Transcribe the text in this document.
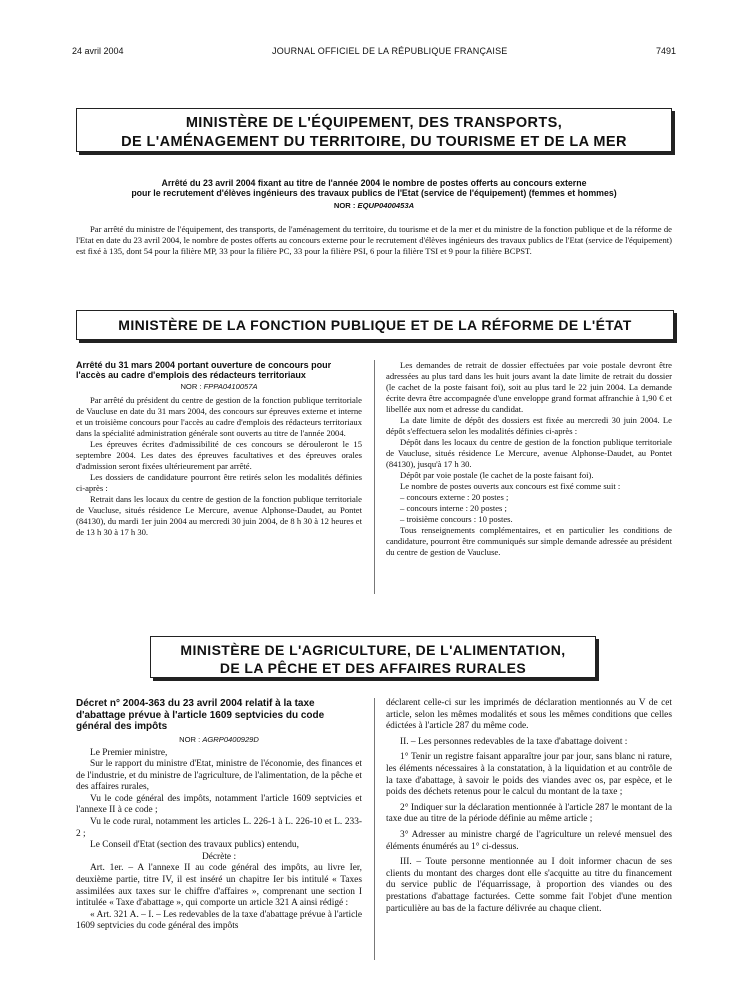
24 avril 2004	JOURNAL OFFICIEL DE LA RÉPUBLIQUE FRANÇAISE	7491
MINISTÈRE DE L'ÉQUIPEMENT, DES TRANSPORTS,
DE L'AMÉNAGEMENT DU TERRITOIRE, DU TOURISME ET DE LA MER
Arrêté du 23 avril 2004 fixant au titre de l'année 2004 le nombre de postes offerts au concours externe
pour le recrutement d'élèves ingénieurs des travaux publics de l'Etat (service de l'équipement) (femmes et hommes)
NOR : EQUP0400453A

Par arrêté du ministre de l'équipement, des transports, de l'aménagement du territoire, du tourisme et de la mer et du ministre de la fonction publique et de la réforme de l'Etat en date du 23 avril 2004, le nombre de postes offerts au concours externe pour le recrutement d'élèves ingénieurs des travaux publics de l'Etat (service de l'équipement) est fixé à 135, dont 54 pour la filière MP, 33 pour la filière PC, 33 pour la filière PSI, 6 pour la filière TSI et 9 pour la filière BCPST.

MINISTÈRE DE LA FONCTION PUBLIQUE ET DE LA RÉFORME DE L'ÉTAT

Arrêté du 31 mars 2004 portant ouverture de concours pour l'accès au cadre d'emplois des rédacteurs territoriaux

NOR : FPPA0410057A

Par arrêté du président du centre de gestion de la fonction publique territoriale de Vaucluse en date du 31 mars 2004, des concours sur épreuves externe et interne et un troisième concours pour l'accès au cadre d'emplois des rédacteurs territoriaux dans la spécialité administration générale sont ouverts au titre de l'année 2004.

Les épreuves écrites d'admissibilité de ces concours se dérouleront le 15 septembre 2004. Les dates des épreuves facultatives et des épreuves orales d'admission seront fixées ultérieurement par arrêté.

Les dossiers de candidature pourront être retirés selon les modalités définies ci-après :

Retrait dans les locaux du centre de gestion de la fonction publique territoriale de Vaucluse, situés résidence Le Mercure, avenue Alphonse-Daudet, au Pontet (84130), du mardi 1er juin 2004 au mercredi 30 juin 2004, de 8 h 30 à 12 heures et de 13 h 30 à 17 h 30.

Les demandes de retrait de dossier effectuées par voie postale devront être adressées au plus tard dans les huit jours avant la date limite de retrait du dossier (le cachet de la poste faisant foi), soit au plus tard le 22 juin 2004. La demande écrite devra être accompagnée d'une enveloppe grand format affranchie à 1,90 € et libellée aux nom et adresse du candidat.

La date limite de dépôt des dossiers est fixée au mercredi 30 juin 2004. Le dépôt s'effectuera selon les modalités définies ci-après :

Dépôt dans les locaux du centre de gestion de la fonction publique territoriale de Vaucluse, situés résidence Le Mercure, avenue Alphonse-Daudet, au Pontet (84130), jusqu'à 17 h 30.

Dépôt par voie postale (le cachet de la poste faisant foi).

Le nombre de postes ouverts aux concours est fixé comme suit :

– concours externe : 20 postes ;

– concours interne : 20 postes ;

– troisième concours : 10 postes.

Tous renseignements complémentaires, et en particulier les conditions de candidature, pourront être communiqués sur simple demande adressée au président du centre de gestion de Vaucluse.

MINISTÈRE DE L'AGRICULTURE, DE L'ALIMENTATION,
DE LA PÊCHE ET DES AFFAIRES RURALES

Décret n° 2004-363 du 23 avril 2004 relatif à la taxe d'abattage prévue à l'article 1609 septvicies du code général des impôts

NOR : AGRP0400929D

Le Premier ministre,

Sur le rapport du ministre d'Etat, ministre de l'économie, des finances et de l'industrie, et du ministre de l'agriculture, de l'alimentation, de la pêche et des affaires rurales,

Vu le code général des impôts, notamment l'article 1609 septvicies et l'annexe II à ce code ;

Vu le code rural, notamment les articles L. 226-1 à L. 226-10 et L. 233-2 ;

Le Conseil d'Etat (section des travaux publics) entendu,

Décrète :

Art. 1er. – A l'annexe II au code général des impôts, au livre Ier, deuxième partie, titre IV, il est inséré un chapitre Ier bis intitulé « Taxes assimilées aux taxes sur le chiffre d'affaires », comprenant une section I intitulée « Taxe d'abattage », qui comporte un article 321 A ainsi rédigé :

« Art. 321 A. – I. – Les redevables de la taxe d'abattage prévue à l'article 1609 septvicies du code général des impôts

déclarent celle-ci sur les imprimés de déclaration mentionnés au V de cet article, selon les mêmes modalités et sous les mêmes conditions que celles édictées à l'article 287 du même code.

II. – Les personnes redevables de la taxe d'abattage doivent :

1° Tenir un registre faisant apparaître jour par jour, sans blanc ni rature, les éléments nécessaires à la constatation, à la liquidation et au contrôle de la taxe d'abattage, à savoir le poids des viandes avec os, par espèce, et le poids des déchets retenus pour le calcul du montant de la taxe ;

2° Indiquer sur la déclaration mentionnée à l'article 287 le montant de la taxe due au titre de la période définie au même article ;

3° Adresser au ministre chargé de l'agriculture un relevé mensuel des éléments énumérés au 1° ci-dessus.

III. – Toute personne mentionnée au I doit informer chacun de ses clients du montant des charges dont elle s'acquitte au titre du financement du service public de l'équarrissage, à proportion des viandes ou des prestations d'abattage facturées. Cette somme fait l'objet d'une mention particulière au bas de la facture délivrée au chaque client.
